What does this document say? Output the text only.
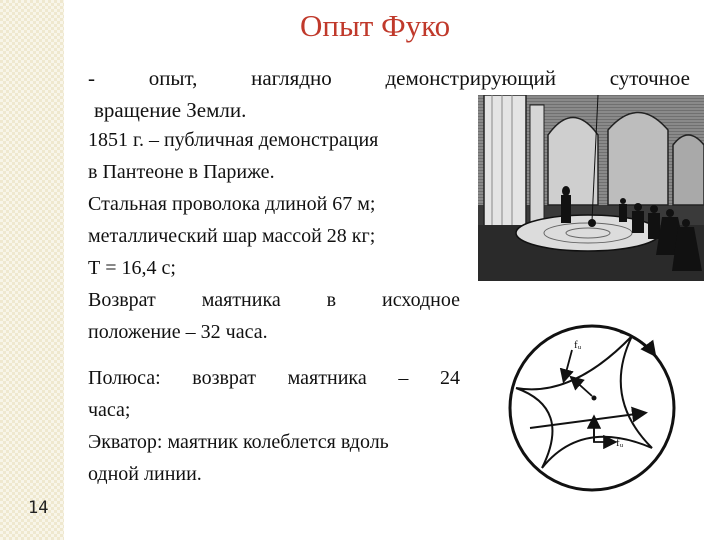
Опыт Фуко
-	опыт,	наглядно	демонстрирующий	суточное
вращение Земли.
1851 г. – публичная демонстрация
в Пантеоне в Париже.
Стальная проволока длиной 67 м;
металлический шар массой 28 кг;
Т = 16,4 с;
Возврат маятника в исходное
положение – 32 часа.
Полюса: возврат маятника – 24
часа;
Экватор: маятник колеблется вдоль
одной линии.
fᵤ
fᵤ
14
